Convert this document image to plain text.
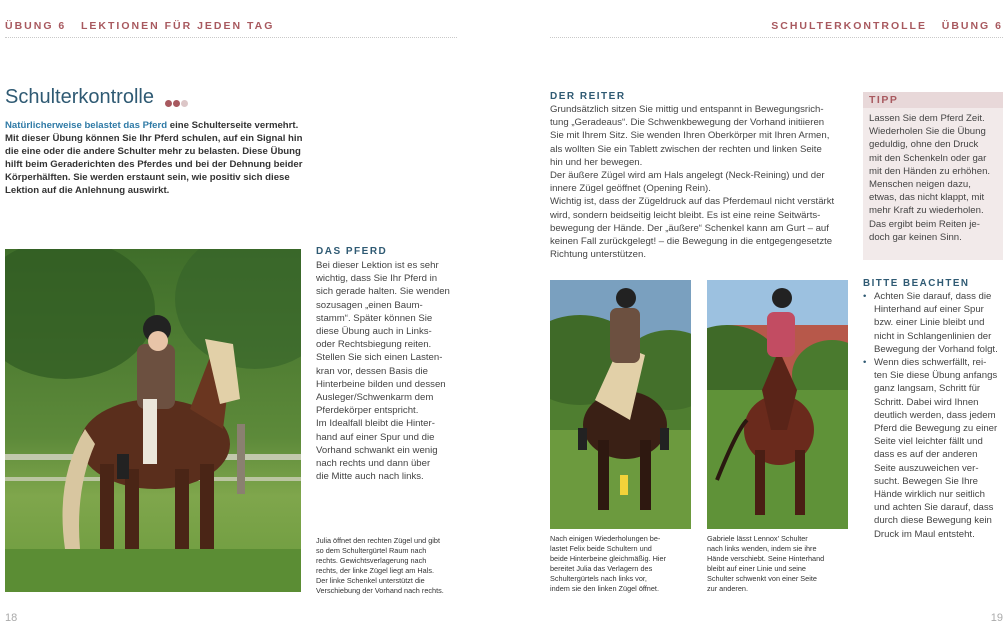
ÜBUNG 6   LEKTIONEN FÜR JEDEN TAG	SCHULTERKONTROLLE   ÜBUNG 6
Schulterkontrolle
Natürlicherweise belastet das Pferd eine Schulterseite vermehrt.
Mit dieser Übung können Sie Ihr Pferd schulen, auf ein Signal hin
die eine oder die andere Schulter mehr zu belasten. Diese Übung
hilft beim Geraderichten des Pferdes und bei der Dehnung beider
Körperhälften. Sie werden erstaunt sein, wie positiv sich diese
Lektion auf die Anlehnung auswirkt.
DAS PFERD
Bei dieser Lektion ist es sehr
wichtig, dass Sie Ihr Pferd in
sich gerade halten. Sie wenden
sozusagen „einen Baum-
stamm“. Später können Sie
diese Übung auch in Links-
oder Rechtsbiegung reiten.
Stellen Sie sich einen Lasten-
kran vor, dessen Basis die
Hinterbeine bilden und dessen
Ausleger/Schwenkarm dem
Pferdekörper entspricht.
Im Idealfall bleibt die Hinter-
hand auf einer Spur und die
Vorhand schwankt ein wenig
nach rechts und dann über
die Mitte auch nach links.
Julia öffnet den rechten Zügel und gibt
so dem Schultergürtel Raum nach
rechts. Gewichtsverlagerung nach
rechts, der linke Zügel liegt am Hals.
Der linke Schenkel unterstützt die
Verschiebung der Vorhand nach rechts.
DER REITER
Grundsätzlich sitzen Sie mittig und entspannt in Bewegungsrich-
tung „Geradeaus“. Die Schwenkbewegung der Vorhand initiieren
Sie mit Ihrem Sitz. Sie wenden Ihren Oberkörper mit Ihren Armen,
als wollten Sie ein Tablett zwischen der rechten und linken Seite
hin und her bewegen.
Der äußere Zügel wird am Hals angelegt (Neck-Reining) und der
innere Zügel geöffnet (Opening Rein).
Wichtig ist, dass der Zügeldruck auf das Pferdemaul nicht verstärkt
wird, sondern beidseitig leicht bleibt. Es ist eine reine Seitwärts-
bewegung der Hände. Der „äußere“ Schenkel kann am Gurt – auf
keinen Fall zurückgelegt! – die Bewegung in die entgegengesetzte
Richtung unterstützen.
Nach einigen Wiederholungen be-
lastet Felix beide Schultern und
beide Hinterbeine gleichmäßig. Hier
bereitet Julia das Verlagern des
Schultergürtels nach links vor,
indem sie den linken Zügel öffnet.
Gabriele lässt Lennox’ Schulter
nach links wenden, indem sie ihre
Hände verschiebt. Seine Hinterhand
bleibt auf einer Linie und seine
Schulter schwenkt von einer Seite
zur anderen.
TIPP
Lassen Sie dem Pferd Zeit.
Wiederholen Sie die Übung
geduldig, ohne den Druck
mit den Schenkeln oder gar
mit den Händen zu erhöhen.
Menschen neigen dazu,
etwas, das nicht klappt, mit
mehr Kraft zu wiederholen.
Das ergibt beim Reiten je-
doch gar keinen Sinn.
BITTE BEACHTEN
• Achten Sie darauf, dass die
Hinterhand auf einer Spur
bzw. einer Linie bleibt und
nicht in Schlangenlinien der
Bewegung der Vorhand folgt.
• Wenn dies schwerfällt, rei-
ten Sie diese Übung anfangs
ganz langsam, Schritt für
Schritt. Dabei wird Ihnen
deutlich werden, dass jedem
Pferd die Bewegung zu einer
Seite viel leichter fällt und
dass es auf der anderen
Seite auszuweichen ver-
sucht. Bewegen Sie Ihre
Hände wirklich nur seitlich
und achten Sie darauf, dass
durch diese Bewegung kein
Druck im Maul entsteht.
18	19
